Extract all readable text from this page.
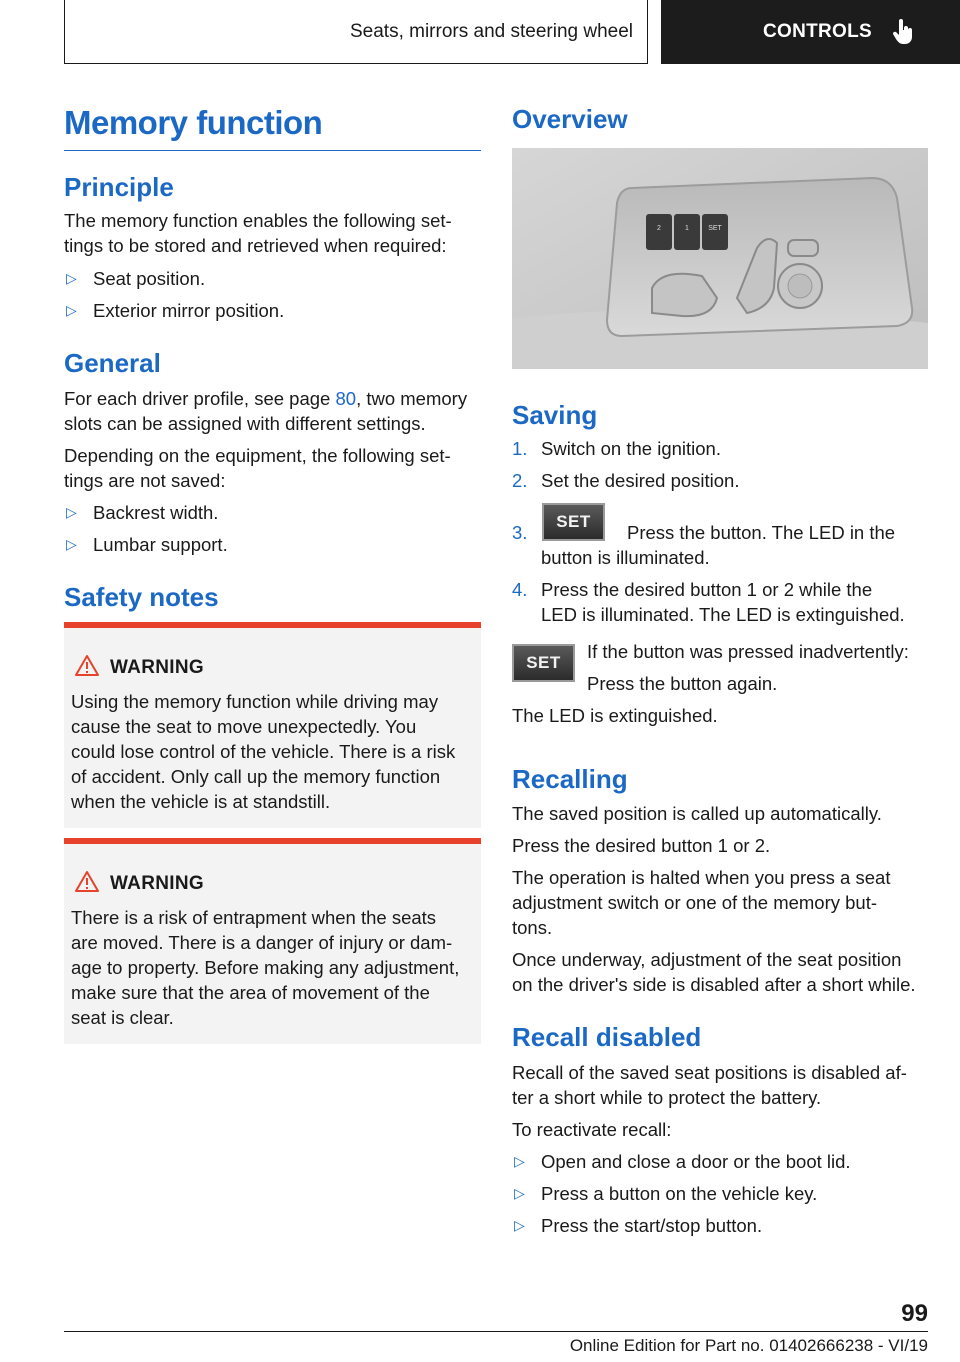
Seats, mirrors and steering wheel	CONTROLS
Memory function
Principle
The memory function enables the following set-
tings to be stored and retrieved when required:
▷ Seat position.
▷ Exterior mirror position.
General
For each driver profile, see page 80, two memory
slots can be assigned with different settings.
Depending on the equipment, the following set-
tings are not saved:
▷ Backrest width.
▷ Lumbar support.
Safety notes
WARNING
Using the memory function while driving may
cause the seat to move unexpectedly. You
could lose control of the vehicle. There is a risk
of accident. Only call up the memory function
when the vehicle is at standstill.
WARNING
There is a risk of entrapment when the seats
are moved. There is a danger of injury or dam-
age to property. Before making any adjustment,
make sure that the area of movement of the
seat is clear.
Overview
2	1	SET
Saving
1. Switch on the ignition.
2. Set the desired position.
3.
SET
Press the button. The LED in the
button is illuminated.
4. Press the desired button 1 or 2 while the
LED is illuminated. The LED is extinguished.
SET
If the button was pressed inadvertently:
Press the button again.
The LED is extinguished.
Recalling
The saved position is called up automatically.
Press the desired button 1 or 2.
The operation is halted when you press a seat
adjustment switch or one of the memory but-
tons.
Once underway, adjustment of the seat position
on the driver's side is disabled after a short while.
Recall disabled
Recall of the saved seat positions is disabled af-
ter a short while to protect the battery.
To reactivate recall:
▷ Open and close a door or the boot lid.
▷ Press a button on the vehicle key.
▷ Press the start/stop button.
99
Online Edition for Part no. 01402666238 - VI/19
